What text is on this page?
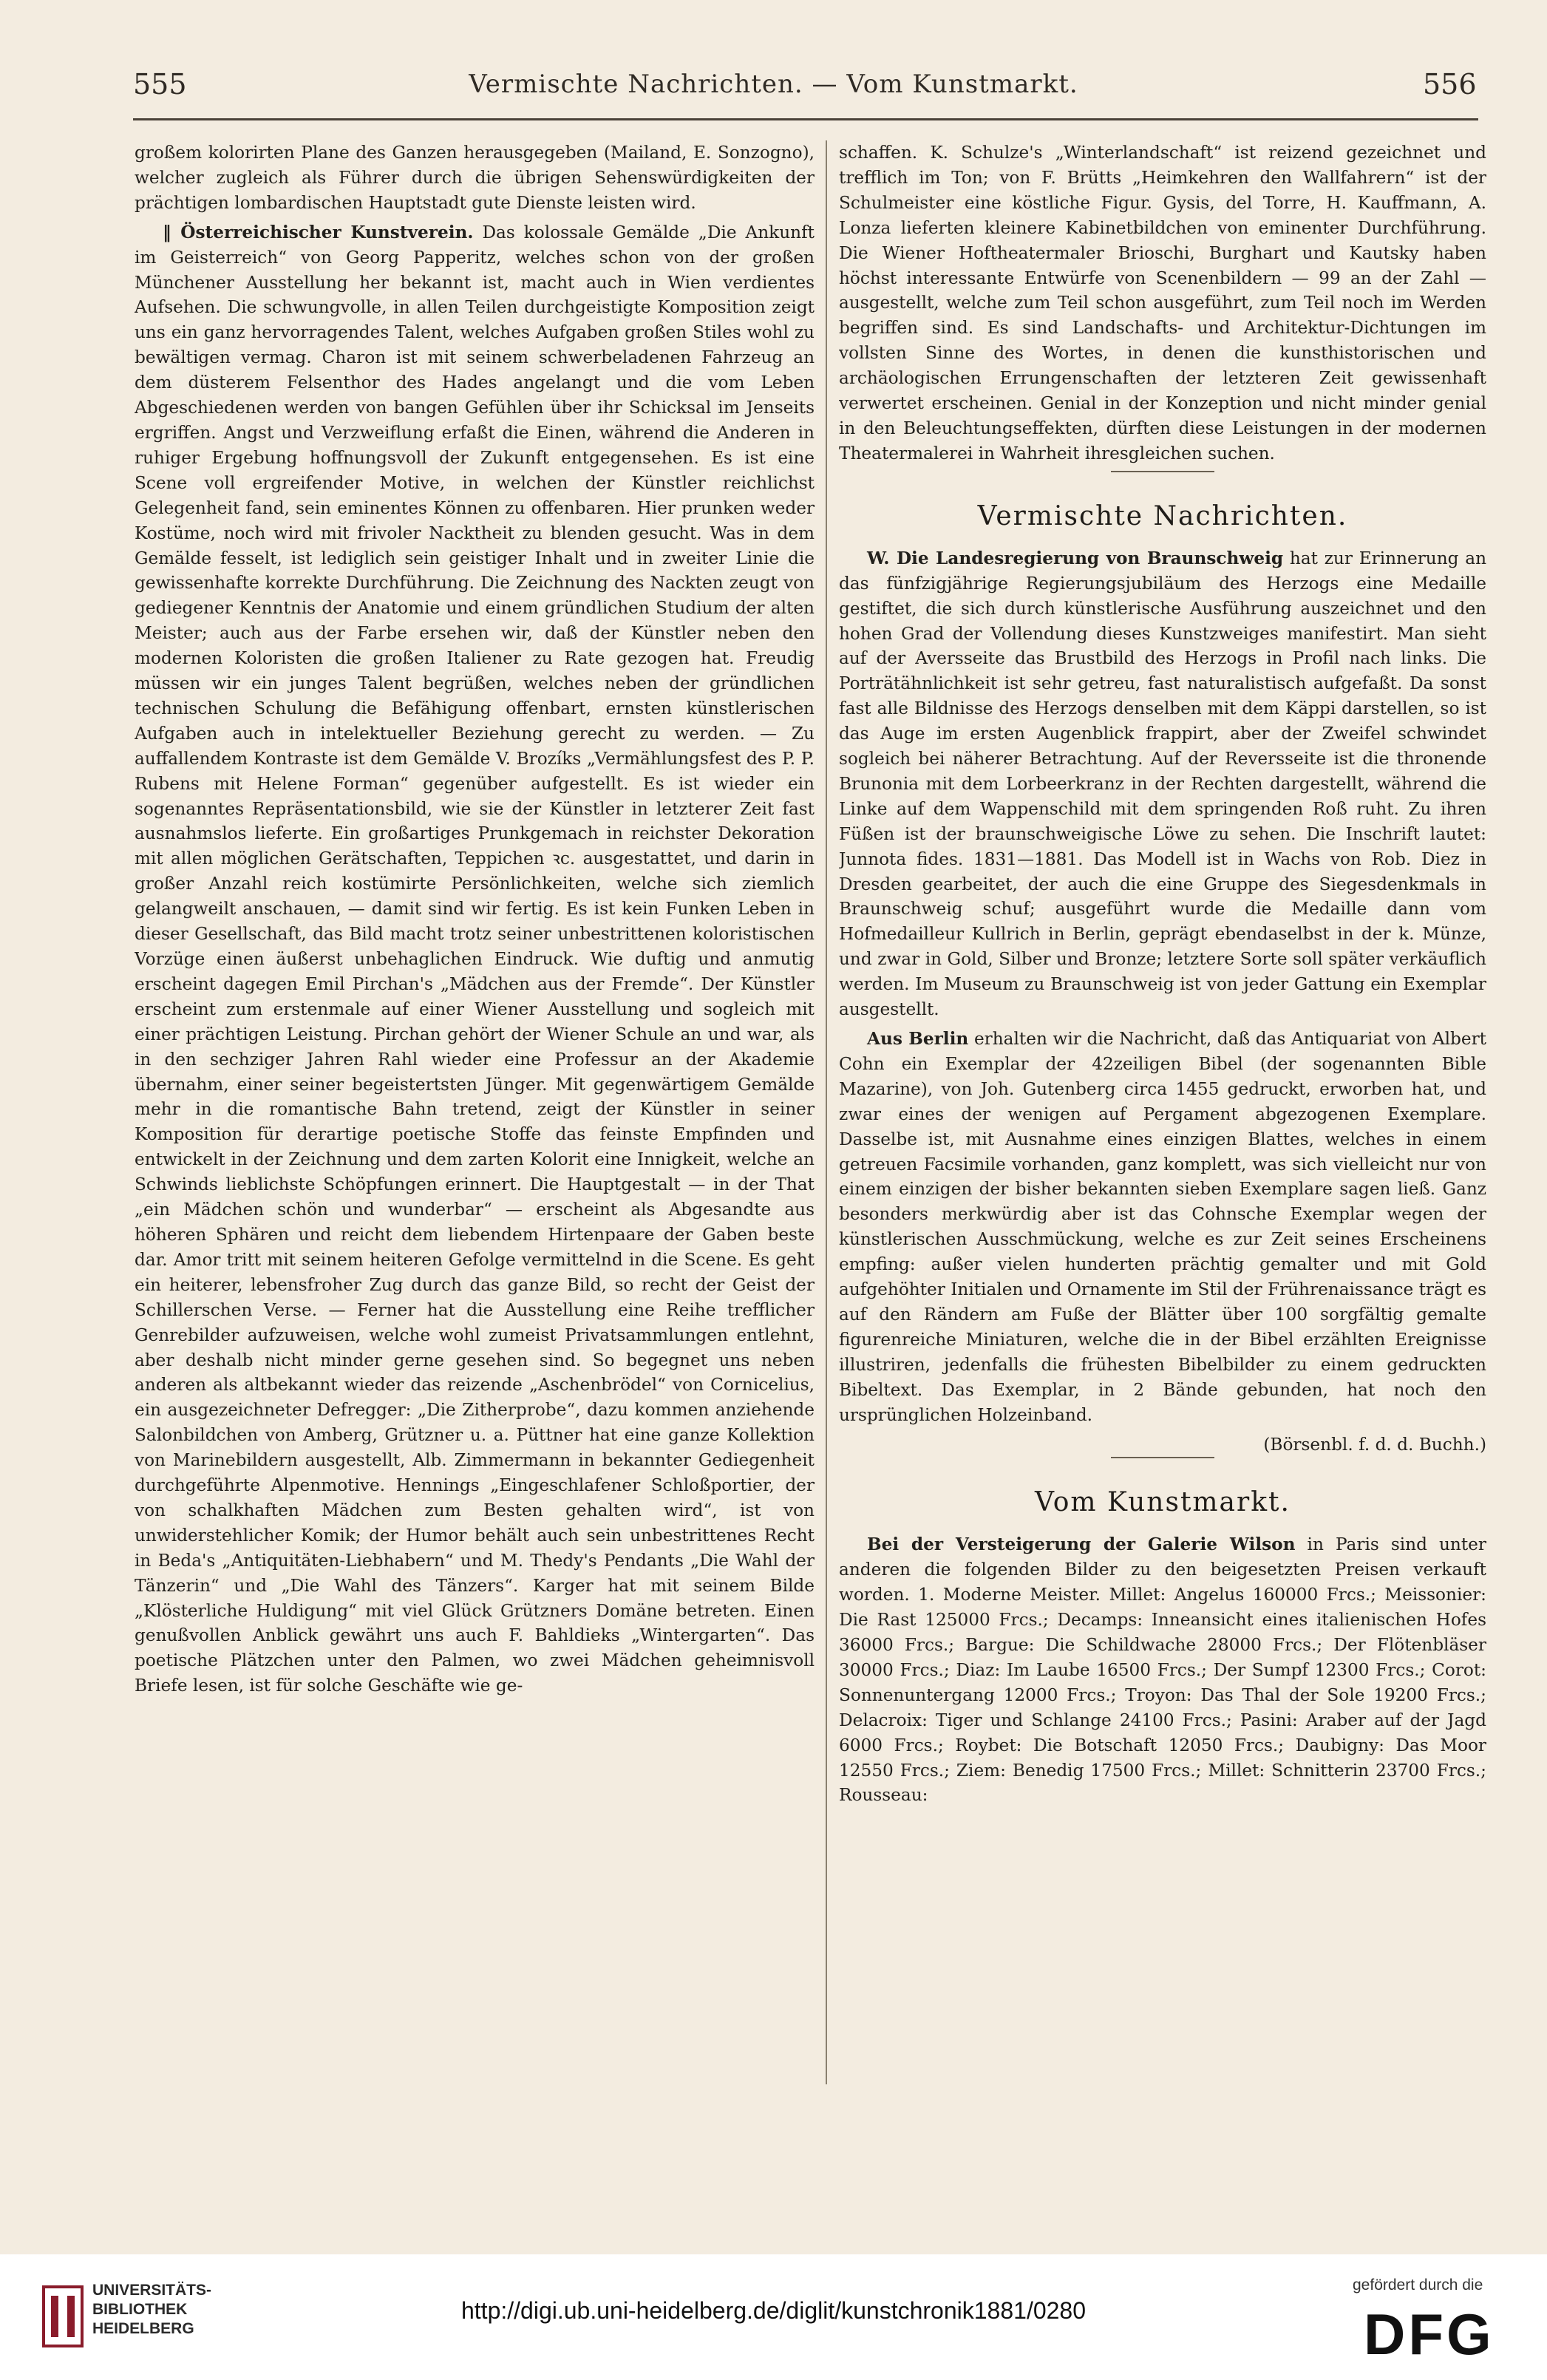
555	Vermischte Nachrichten. — Vom Kunstmarkt.	556

großem kolorirten Plane des Ganzen herausgegeben (Mailand, E. Sonzogno), welcher zugleich als Führer durch die übrigen Sehenswürdigkeiten der prächtigen lombardischen Hauptstadt gute Dienste leisten wird.

‖ Österreichischer Kunstverein. Das kolossale Gemälde „Die Ankunft im Geisterreich“ von Georg Papperitz, welches schon von der großen Münchener Ausstellung her bekannt ist, macht auch in Wien verdientes Aufsehen. Die schwungvolle, in allen Teilen durchgeistigte Komposition zeigt uns ein ganz hervorragendes Talent, welches Aufgaben großen Stiles wohl zu bewältigen vermag. Charon ist mit seinem schwerbeladenen Fahrzeug an dem düsterem Felsenthor des Hades angelangt und die vom Leben Abgeschiedenen werden von bangen Gefühlen über ihr Schicksal im Jenseits ergriffen. Angst und Verzweiflung erfaßt die Einen, während die Anderen in ruhiger Ergebung hoffnungsvoll der Zukunft entgegensehen. Es ist eine Scene voll ergreifender Motive, in welchen der Künstler reichlichst Gelegenheit fand, sein eminentes Können zu offenbaren. Hier prunken weder Kostüme, noch wird mit frivoler Nacktheit zu blenden gesucht. Was in dem Gemälde fesselt, ist lediglich sein geistiger Inhalt und in zweiter Linie die gewissenhafte korrekte Durchführung. Die Zeichnung des Nackten zeugt von gediegener Kenntnis der Anatomie und einem gründlichen Studium der alten Meister; auch aus der Farbe ersehen wir, daß der Künstler neben den modernen Koloristen die großen Italiener zu Rate gezogen hat. Freudig müssen wir ein junges Talent begrüßen, welches neben der gründlichen technischen Schulung die Befähigung offenbart, ernsten künstlerischen Aufgaben auch in intelektueller Beziehung gerecht zu werden. — Zu auffallendem Kontraste ist dem Gemälde V. Brozíks „Vermählungsfest des P. P. Rubens mit Helene Forman“ gegenüber aufgestellt. Es ist wieder ein sogenanntes Repräsentationsbild, wie sie der Künstler in letzterer Zeit fast ausnahmslos lieferte. Ein großartiges Prunkgemach in reichster Dekoration mit allen möglichen Gerätschaften, Teppichen ꝛc. ausgestattet, und darin in großer Anzahl reich kostümirte Persönlichkeiten, welche sich ziemlich gelangweilt anschauen, — damit sind wir fertig. Es ist kein Funken Leben in dieser Gesellschaft, das Bild macht trotz seiner unbestrittenen koloristischen Vorzüge einen äußerst unbehaglichen Eindruck. Wie duftig und anmutig erscheint dagegen Emil Pirchan's „Mädchen aus der Fremde“. Der Künstler erscheint zum erstenmale auf einer Wiener Ausstellung und sogleich mit einer prächtigen Leistung. Pirchan gehört der Wiener Schule an und war, als in den sechziger Jahren Rahl wieder eine Professur an der Akademie übernahm, einer seiner begeistertsten Jünger. Mit gegenwärtigem Gemälde mehr in die romantische Bahn tretend, zeigt der Künstler in seiner Komposition für derartige poetische Stoffe das feinste Empfinden und entwickelt in der Zeichnung und dem zarten Kolorit eine Innigkeit, welche an Schwinds lieblichste Schöpfungen erinnert. Die Hauptgestalt — in der That „ein Mädchen schön und wunderbar“ — erscheint als Abgesandte aus höheren Sphären und reicht dem liebendem Hirtenpaare der Gaben beste dar. Amor tritt mit seinem heiteren Gefolge vermittelnd in die Scene. Es geht ein heiterer, lebensfroher Zug durch das ganze Bild, so recht der Geist der Schillerschen Verse. — Ferner hat die Ausstellung eine Reihe trefflicher Genrebilder aufzuweisen, welche wohl zumeist Privatsammlungen entlehnt, aber deshalb nicht minder gerne gesehen sind. So begegnet uns neben anderen als altbekannt wieder das reizende „Aschenbrödel“ von Cornicelius, ein ausgezeichneter Defregger: „Die Zitherprobe“, dazu kommen anziehende Salonbildchen von Amberg, Grützner u. a. Püttner hat eine ganze Kollektion von Marinebildern ausgestellt, Alb. Zimmermann in bekannter Gediegenheit durchgeführte Alpenmotive. Hennings „Eingeschlafener Schloßportier, der von schalkhaften Mädchen zum Besten gehalten wird“, ist von unwiderstehlicher Komik; der Humor behält auch sein unbestrittenes Recht in Beda's „Antiquitäten-Liebhabern“ und M. Thedy's Pendants „Die Wahl der Tänzerin“ und „Die Wahl des Tänzers“. Karger hat mit seinem Bilde „Klösterliche Huldigung“ mit viel Glück Grützners Domäne betreten. Einen genußvollen Anblick gewährt uns auch F. Bahldieks „Wintergarten“. Das poetische Plätzchen unter den Palmen, wo zwei Mädchen geheimnisvoll Briefe lesen, ist für solche Geschäfte wie ge-

schaffen. K. Schulze's „Winterlandschaft“ ist reizend gezeichnet und trefflich im Ton; von F. Brütts „Heimkehren den Wallfahrern“ ist der Schulmeister eine köstliche Figur. Gysis, del Torre, H. Kauffmann, A. Lonza lieferten kleinere Kabinetbildchen von eminenter Durchführung. Die Wiener Hoftheatermaler Brioschi, Burghart und Kautsky haben höchst interessante Entwürfe von Scenenbildern — 99 an der Zahl — ausgestellt, welche zum Teil schon ausgeführt, zum Teil noch im Werden begriffen sind. Es sind Landschafts- und Architektur-Dichtungen im vollsten Sinne des Wortes, in denen die kunsthistorischen und archäologischen Errungenschaften der letzteren Zeit gewissenhaft verwertet erscheinen. Genial in der Konzeption und nicht minder genial in den Beleuchtungseffekten, dürften diese Leistungen in der modernen Theatermalerei in Wahrheit ihresgleichen suchen.

Vermischte Nachrichten.

W. Die Landesregierung von Braunschweig hat zur Erinnerung an das fünfzigjährige Regierungsjubiläum des Herzogs eine Medaille gestiftet, die sich durch künstlerische Ausführung auszeichnet und den hohen Grad der Vollendung dieses Kunstzweiges manifestirt. Man sieht auf der Aversseite das Brustbild des Herzogs in Profil nach links. Die Porträtähnlichkeit ist sehr getreu, fast naturalistisch aufgefaßt. Da sonst fast alle Bildnisse des Herzogs denselben mit dem Käppi darstellen, so ist das Auge im ersten Augenblick frappirt, aber der Zweifel schwindet sogleich bei näherer Betrachtung. Auf der Reversseite ist die thronende Brunonia mit dem Lorbeerkranz in der Rechten dargestellt, während die Linke auf dem Wappenschild mit dem springenden Roß ruht. Zu ihren Füßen ist der braunschweigische Löwe zu sehen. Die Inschrift lautet: Junnota fides. 1831—1881. Das Modell ist in Wachs von Rob. Diez in Dresden gearbeitet, der auch die eine Gruppe des Siegesdenkmals in Braunschweig schuf; ausgeführt wurde die Medaille dann vom Hofmedailleur Kullrich in Berlin, geprägt ebendaselbst in der k. Münze, und zwar in Gold, Silber und Bronze; letztere Sorte soll später verkäuflich werden. Im Museum zu Braunschweig ist von jeder Gattung ein Exemplar ausgestellt.

Aus Berlin erhalten wir die Nachricht, daß das Antiquariat von Albert Cohn ein Exemplar der 42zeiligen Bibel (der sogenannten Bible Mazarine), von Joh. Gutenberg circa 1455 gedruckt, erworben hat, und zwar eines der wenigen auf Pergament abgezogenen Exemplare. Dasselbe ist, mit Ausnahme eines einzigen Blattes, welches in einem getreuen Facsimile vorhanden, ganz komplett, was sich vielleicht nur von einem einzigen der bisher bekannten sieben Exemplare sagen ließ. Ganz besonders merkwürdig aber ist das Cohnsche Exemplar wegen der künstlerischen Ausschmückung, welche es zur Zeit seines Erscheinens empfing: außer vielen hunderten prächtig gemalter und mit Gold aufgehöhter Initialen und Ornamente im Stil der Frührenaissance trägt es auf den Rändern am Fuße der Blätter über 100 sorgfältig gemalte figurenreiche Miniaturen, welche die in der Bibel erzählten Ereignisse illustriren, jedenfalls die frühesten Bibelbilder zu einem gedruckten Bibeltext. Das Exemplar, in 2 Bände gebunden, hat noch den ursprünglichen Holzeinband.

(Börsenbl. f. d. d. Buchh.)
Vom Kunstmarkt.

Bei der Versteigerung der Galerie Wilson in Paris sind unter anderen die folgenden Bilder zu den beigesetzten Preisen verkauft worden. 1. Moderne Meister. Millet: Angelus 160000 Frcs.; Meissonier: Die Rast 125000 Frcs.; Decamps: Inneansicht eines italienischen Hofes 36000 Frcs.; Bargue: Die Schildwache 28000 Frcs.; Der Flötenbläser 30000 Frcs.; Diaz: Im Laube 16500 Frcs.; Der Sumpf 12300 Frcs.; Corot: Sonnenuntergang 12000 Frcs.; Troyon: Das Thal der Sole 19200 Frcs.; Delacroix: Tiger und Schlange 24100 Frcs.; Pasini: Araber auf der Jagd 6000 Frcs.; Roybet: Die Botschaft 12050 Frcs.; Daubigny: Das Moor 12550 Frcs.; Ziem: Benedig 17500 Frcs.; Millet: Schnitterin 23700 Frcs.; Rousseau:

UNIVERSITÄTS-
BIBLIOTHEK
HEIDELBERG
http://digi.ub.uni-heidelberg.de/diglit/kunstchronik1881/0280
gefördert durch die
DFG
